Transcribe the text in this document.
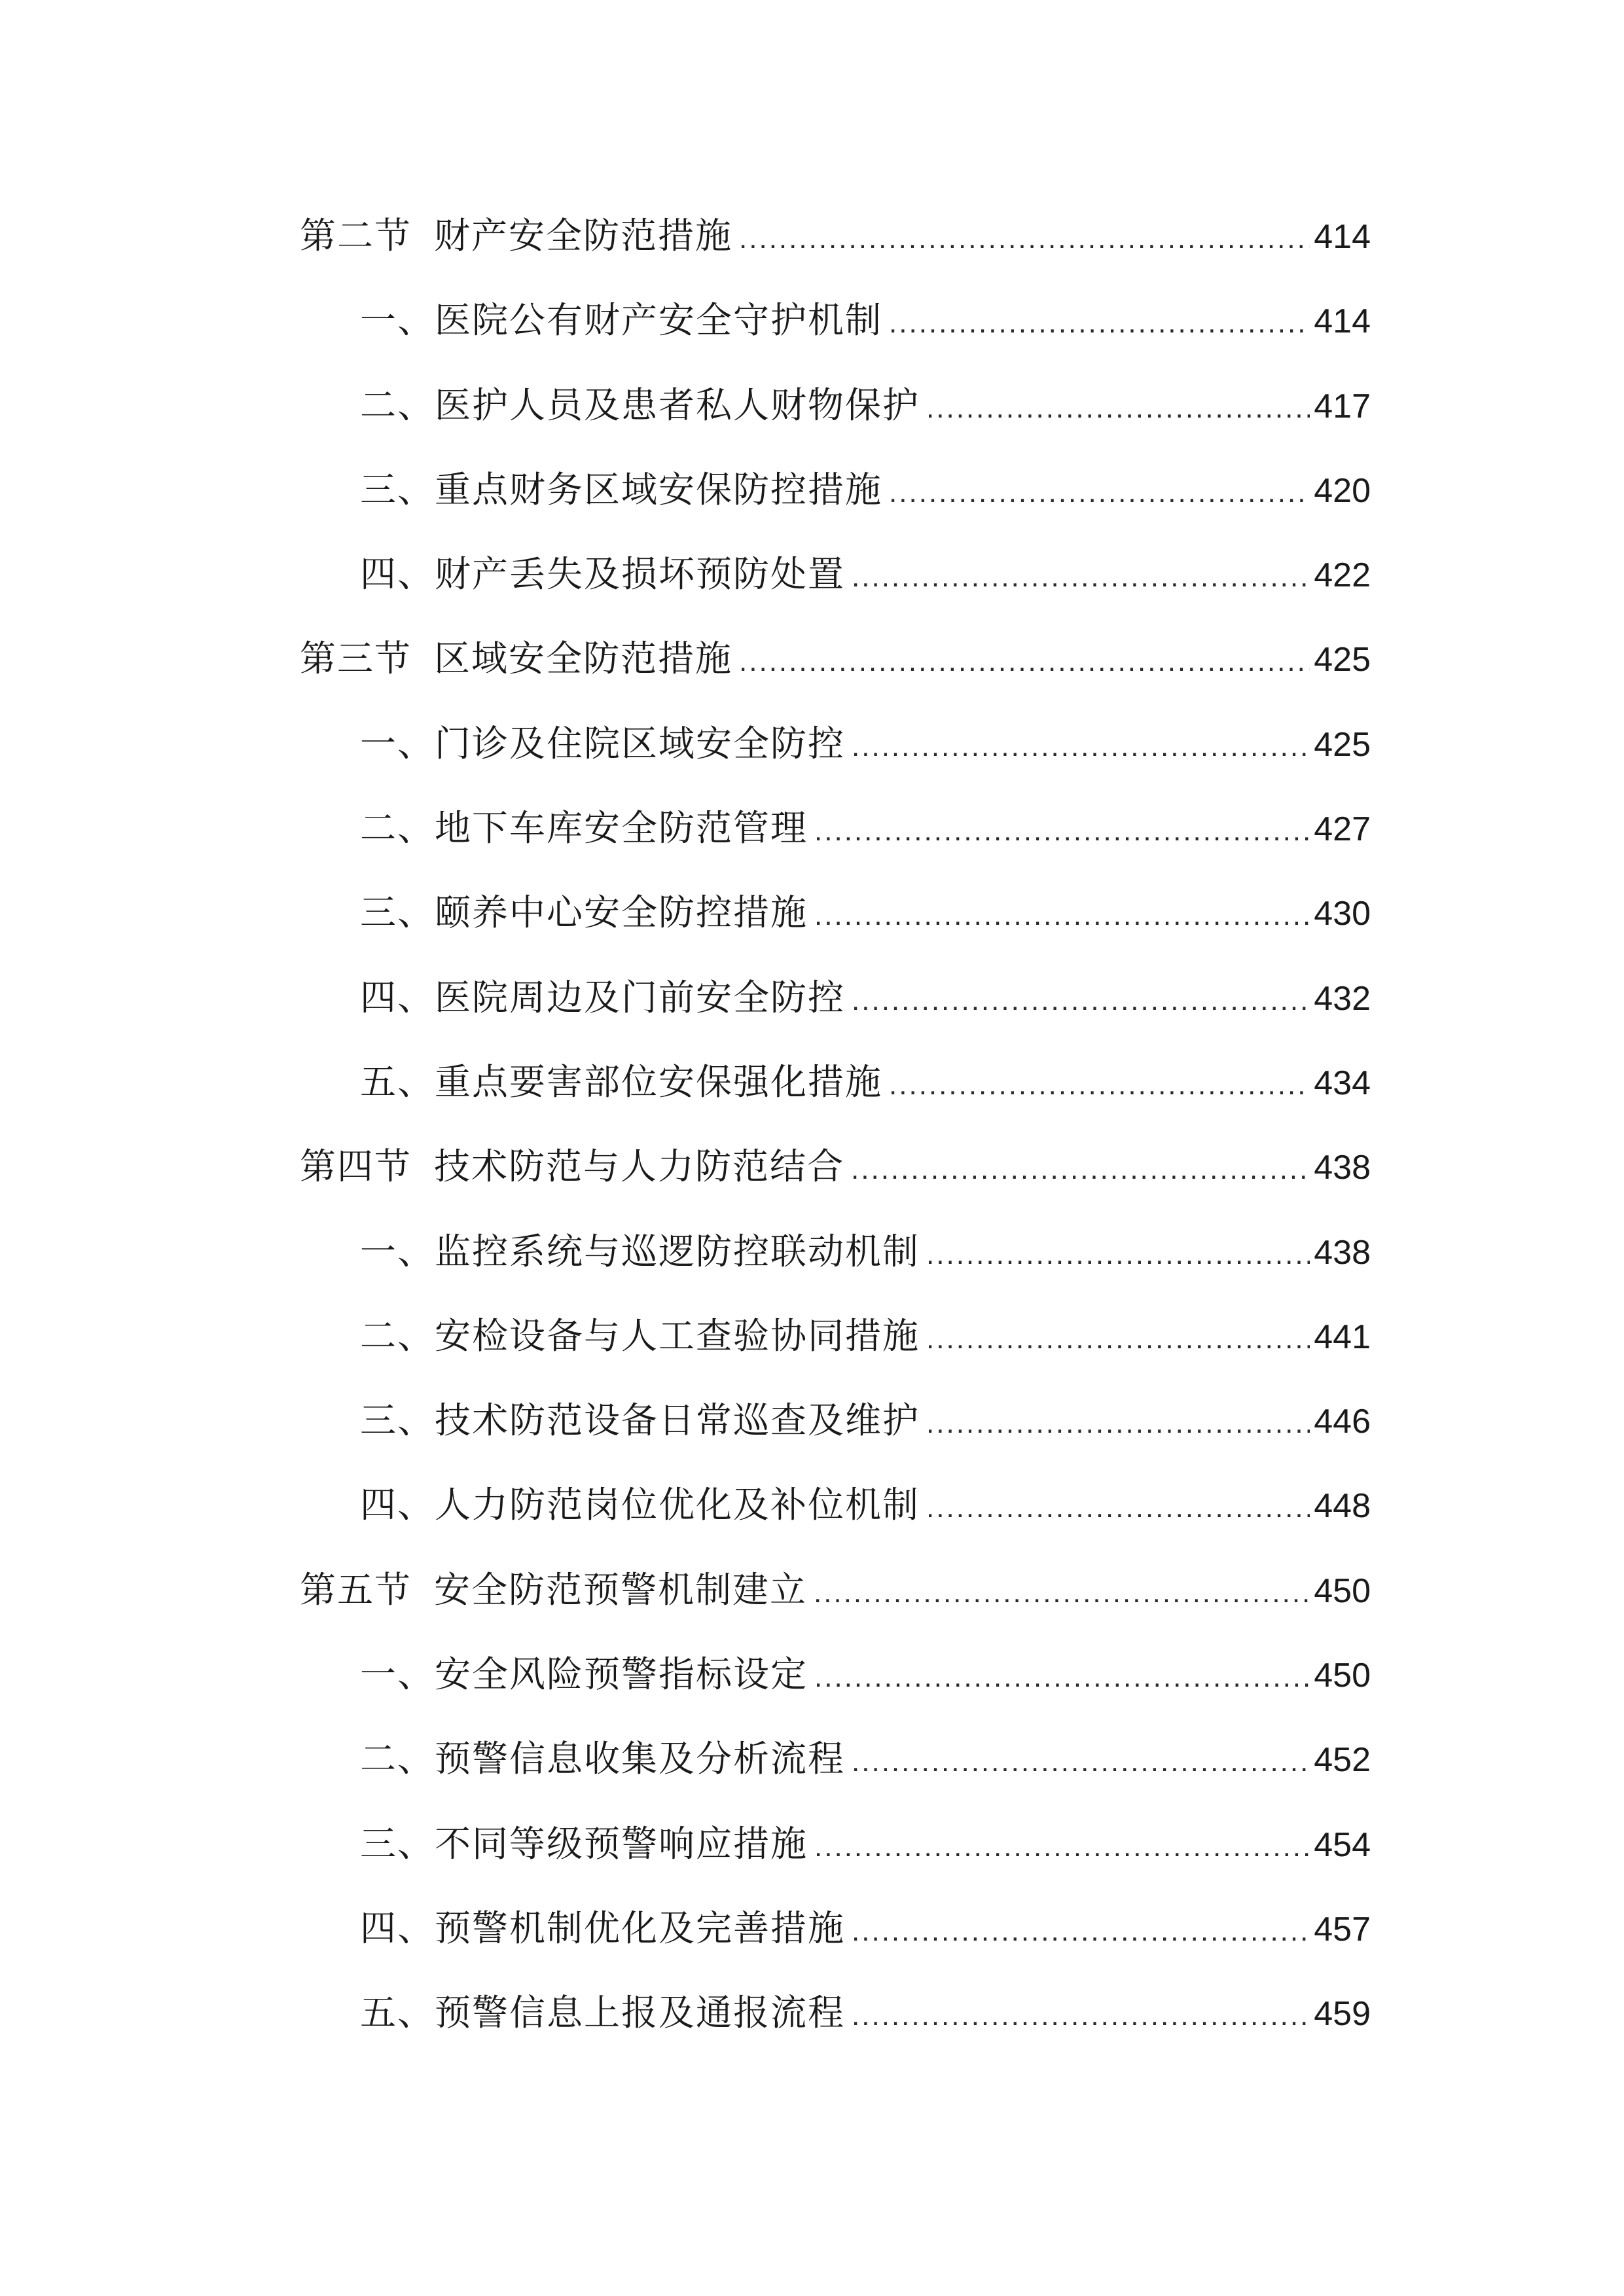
第二节 财产安全防范措施 .....	414
一、医院公有财产安全守护机制 .....	414
二、医护人员及患者私人财物保护 .....	417
三、重点财务区域安保防控措施 .....	420
四、财产丢失及损坏预防处置 .....	422
第三节 区域安全防范措施 .....	425
一、门诊及住院区域安全防控 .....	425
二、地下车库安全防范管理 .....	427
三、颐养中心安全防控措施 .....	430
四、医院周边及门前安全防控 .....	432
五、重点要害部位安保强化措施 .....	434
第四节 技术防范与人力防范结合 .....	438
一、监控系统与巡逻防控联动机制 .....	438
二、安检设备与人工查验协同措施 .....	441
三、技术防范设备日常巡查及维护 .....	446
四、人力防范岗位优化及补位机制 .....	448
第五节 安全防范预警机制建立 .....	450
一、安全风险预警指标设定 .....	450
二、预警信息收集及分析流程 .....	452
三、不同等级预警响应措施 .....	454
四、预警机制优化及完善措施 .....	457
五、预警信息上报及通报流程 .....	459
